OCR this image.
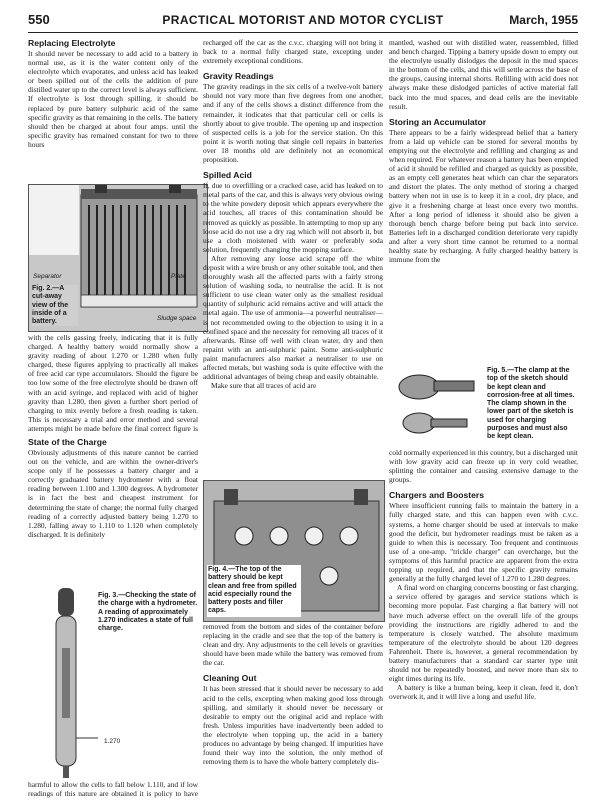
550	PRACTICAL MOTORIST AND MOTOR CYCLIST	March, 1955
Replacing Electrolyte

It should never be necessary to add acid to a battery in normal use, as it is the water content only of the electrolyte which evaporates, and unless acid has leaked or been spilled out of the cells the addition of pure distilled water up to the correct level is always sufficient. If electrolyte is lost through spilling, it should be replaced by pure battery sulphuric acid of the same specific gravity as that remaining in the cells. The battery should then be charged at about four amps. until the specific gravity has remained constant for two to three hours

Separator	Plate
Sludge space
Fig. 2.—A cut-away view of the inside of a battery.

with the cells gassing freely, indicating that it is fully charged. A healthy battery would normally show a gravity reading of about 1.270 or 1.280 when fully charged, these figures applying to practically all makes of free acid car type accumulators. Should the figure be too low some of the free electrolyte should be drawn off with an acid syringe, and replaced with acid of higher gravity than 1.280, then given a further short period of charging to mix evenly before a fresh reading is taken. This is necessary a trial and error method and several attempts might be made before the final correct figure is

State of the Charge

Obviously adjustments of this nature cannot be carried out on the vehicle, and are within the owner-driver's scope only if he possesses a battery charger and a correctly graduated battery hydrometer with a float reading between 1.100 and 1.300 degrees. A hydrometer is in fact the best and cheapest instrument for determining the state of charge; the normal fully charged reading of a correctly adjusted battery being 1.270 to 1.280, falling away to 1.110 to 1.120 when completely discharged. It is definitely

Fig. 3.—Checking the state of the charge with a hydrometer. A reading of approximately 1.270 indicates a state of full charge.
1.270

harmful to allow the cells to fall below 1.110, and if low readings of this nature are obtained it is policy to have

recharged off the car as the c.v.c. charging will not bring it back to a normal fully charged state, excepting under extremely exceptional conditions.

Gravity Readings

The gravity readings in the six cells of a twelve-volt battery should not vary more than five degrees from one another, and if any of the cells shows a distinct difference from the remainder, it indicates that that particular cell or cells is shortly about to give trouble. The opening up and inspection of suspected cells is a job for the service station. On this point it is worth noting that single cell repairs in batteries over 18 months old are definitely not an economical proposition.

Spilled Acid

If, due to overfilling or a cracked case, acid has leaked on to metal parts of the car, and this is always very obvious owing to the white powdery deposit which appears everywhere the acid touches, all traces of this contamination should be removed as quickly as possible. In attempting to mop up any loose acid do not use a dry rag which will not absorb it, but use a cloth moistened with water or preferably soda solution, frequently changing the mopping surface.

After removing any loose acid scrape off the white deposit with a wire brush or any other suitable tool, and then thoroughly wash all the affected parts with a fairly strong solution of washing soda, to neutralise the acid. It is not sufficient to use clean water only as the smallest residual quantity of sulphuric acid remains active and will attack the metal again. The use of ammonia—a powerful neutraliser—is not recommended owing to the objection to using it in a confined space and the necessity for removing all traces of it afterwards. Rinse off well with clean water, dry and then repaint with an anti-sulphuric paint. Some anti-sulphuric paint manufacturers also market a neutraliser to use on affected metals, but washing soda is quite effective with the additional advantages of being cheap and easily obtainable.

Make sure that all traces of acid are

Fig. 4.—The top of the battery should be kept clean and free from spilled acid especially round the battery posts and filler caps.

removed from the bottom and sides of the container before replacing in the cradle and see that the top of the battery is clean and dry. Any adjustments to the cell levels or gravities should have been made while the battery was removed from the car.

Cleaning Out

It has been stressed that it should never be necessary to add acid to the cells, excepting when making good loss through spilling, and similarly it should never be necessary or desirable to empty out the original acid and replace with fresh. Unless impurities have inadvertently been added to the electrolyte when topping up, the acid in a battery produces no advantage by being changed. If impurities have found their way into the solution, the only method of removing them is to have the whole battery completely dis-

mantled, washed out with distilled water, reassembled, filled and bench charged. Tipping a battery upside down to empty out the electrolyte usually dislodges the deposit in the mud spaces in the bottom of the cells, and this will settle across the base of the groups, causing internal shorts. Refilling with acid does not always make these dislodged particles of active material fall back into the mud spaces, and dead cells are the inevitable result.

Storing an Accumulator

There appears to be a fairly widespread belief that a battery from a laid up vehicle can be stored for several months by emptying out the electrolyte and refilling and charging as and when required. For whatever reason a battery has been emptied of acid it should be refilled and charged as quickly as possible, as an empty cell generates heat which can char the separators and distort the plates. The only method of storing a charged battery when not in use is to keep it in a cool, dry place, and give it a freshening charge at least once every two months. After a long period of idleness it should also be given a thorough bench charge before being put back into service. Batteries left in a discharged condition deteriorate very rapidly and after a very short time cannot be returned to a normal healthy state by recharging. A fully charged healthy battery is immune from the

Fig. 5.—The clamp at the top of the sketch should be kept clean and corrosion-free at all times. The clamp shown in the lower part of the sketch is used for charging purposes and must also be kept clean.

cold normally experienced in this country, but a discharged unit with low gravity acid can freeze up in very cold weather, splitting the container and causing extensive damage to the groups.

Chargers and Boosters

Where insufficient running fails to maintain the battery in a fully charged state, and this can happen even with c.v.c. systems, a home charger should be used at intervals to make good the deficit, but hydrometer readings must be taken as a guide to when this is necessary. Too frequent and continuous use of a one-amp. "trickle charger" can overcharge, but the symptoms of this harmful practice are apparent from the extra topping up required, and that the specific gravity remains generally at the fully charged level of 1.270 to 1.280 degrees.

A final word on charging concerns boosting or fast charging, a service offered by garages and service stations which is becoming more popular. Fast charging a flat battery will not have much adverse effect on the overall life of the groups providing the instructions are rigidly adhered to and the temperature is closely watched. The absolute maximum temperature of the electrolyte should be about 120 degrees Fahrenheit. There is, however, a general recommendation by battery manufacturers that a standard car starter type unit should not be repeatedly boosted, and never more than six to eight times during its life.

A battery is like a human being, keep it clean, feed it, don't overwork it, and it will live a long and useful life.
